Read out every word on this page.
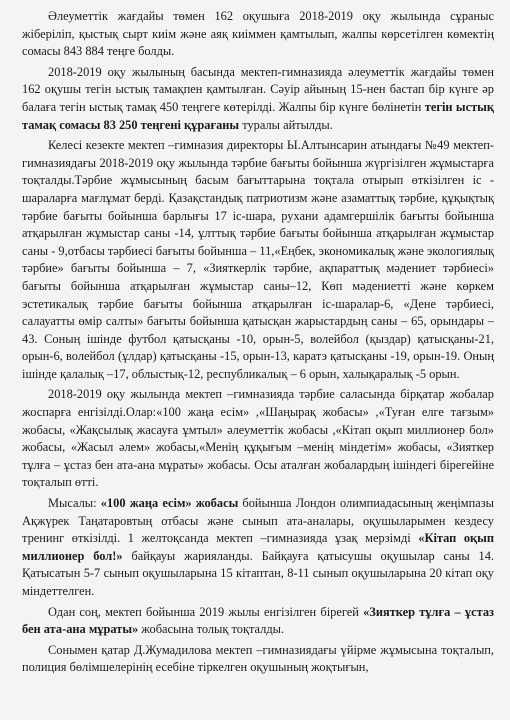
Әлеуметтік жағдайы төмен 162 оқушыға 2018-2019 оқу жылында сұраныс жіберіліп, қыстық сырт киім және аяқ киіммен қамтылып, жалпы көрсетілген көмектің сомасы 843 884 теңге болды.

2018-2019 оқу жылының басында мектеп-гимназияда әлеуметтік жағдайы төмен 162 оқушы тегін ыстық тамақпен қамтылған. Сәуір айының 15-нен бастап бір күнге әр балаға тегін ыстық тамақ 450 теңгеге көтерілді. Жалпы бір күнге бөлінетін тегін ыстық тамақ сомасы 83 250 теңгені құрағаны туралы айтылды.

Келесі кезекте мектеп –гимназия директоры Ы.Алтынсарин атындағы №49 мектеп-гимназиядағы 2018-2019 оқу жылында тәрбие бағыты бойынша жүргізілген жұмыстарға тоқталды.Тәрбие жұмысының басым бағыттарына тоқтала отырып өткізілген іс - шараларға мағлұмат берді. Қазақстандық патриотизм және азаматтық тәрбие, құқықтық тәрбие бағыты бойынша барлығы 17 іс-шара, рухани адамгершілік бағыты бойынша атқарылған жұмыстар саны -14, ұлттық тәрбие бағыты бойынша атқарылған жұмыстар саны - 9,отбасы тәрбиесі бағыты бойынша – 11,«Еңбек, экономикалық және экологиялық тәрбие» бағыты бойынша – 7, «Зияткерлік тәрбие, ақпараттық мәдениет тәрбиесі» бағыты бойынша атқарылған жұмыстар саны–12, Көп мәдениетті және көркем эстетикалық тәрбие бағыты бойынша атқарылған іс-шаралар-6, «Дене тәрбиесі, салауатты өмір салты» бағыты бойынша қатысқан жарыстардың саны – 65, орындары – 43. Соның ішінде футбол қатысқаны -10, орын-5, волейбол (қыздар) қатысқаны-21, орын-6, волейбол (ұлдар) қатысқаны -15, орын-13, каратэ қатысқаны -19, орын-19. Оның ішінде қалалық –17, облыстық-12, республикалық – 6 орын, халықаралық -5 орын.

2018-2019 оқу жылында мектеп –гимназияда тәрбие саласында бірқатар жобалар жоспарға енгізілді.Олар:«100 жаңа есім» ,«Шаңырақ жобасы» ,«Туған елге тағзым» жобасы, «Жақсылық жасауға ұмтыл» әлеуметтік жобасы ,«Кітап оқып миллионер бол» жобасы, «Жасыл әлем» жобасы,«Менің құқығым –менің міндетім» жобасы, «Зияткер тұлға – ұстаз бен ата-ана мұраты» жобасы. Осы аталған жобалардың ішіндегі бірегейіне тоқталып өтті.

Мысалы: «100 жаңа есім» жобасы бойынша Лондон олимпиадасының жеңімпазы Ақжүрек Таңатаровтың отбасы және сынып ата-аналары, оқушыларымен кездесу тренинг өткізілді. 1 желтоқсанда мектеп –гимназияда ұзақ мерзімді «Кітап оқып миллионер бол!» байқауы жарияланды. Байқауға қатысушы оқушылар саны 14. Қатысатын 5-7 сынып оқушыларына 15 кітаптан, 8-11 сынып оқушыларына 20 кітап оқу міндеттелген.

Одан соң, мектеп бойынша 2019 жылы енгізілген бірегей «Зияткер тұлға – ұстаз бен ата-ана мұраты» жобасына толық тоқталды.

Сонымен қатар Д.Жумадилова мектеп –гимназиядағы үйірме жұмысына тоқталып, полиция бөлімшелерінің есебіне тіркелген оқушының жоқтығын,
